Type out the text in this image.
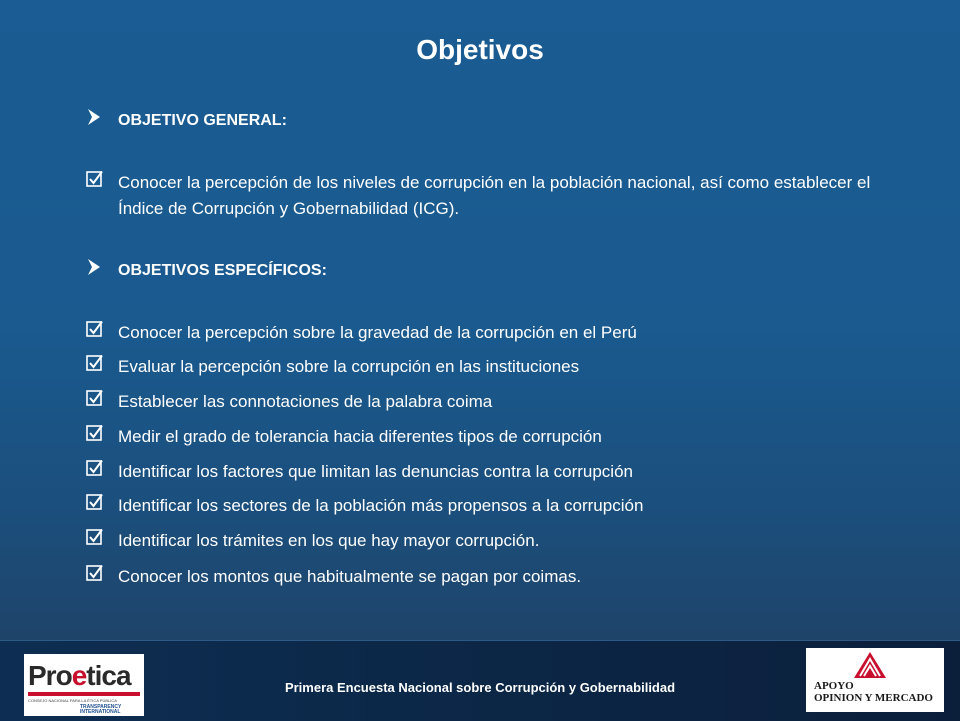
Objetivos
OBJETIVO GENERAL:
Conocer la percepción de los niveles de corrupción en la población nacional, así como establecer el Índice de Corrupción y Gobernabilidad (ICG).
OBJETIVOS ESPECÍFICOS:
Conocer la percepción sobre la gravedad de la corrupción en el Perú
Evaluar la percepción sobre la corrupción en las instituciones
Establecer las connotaciones de la palabra coima
Medir el grado de tolerancia hacia diferentes tipos de corrupción
Identificar los factores que limitan las denuncias contra la corrupción
Identificar los sectores de la población más propensos a la corrupción
Identificar los trámites en los que hay mayor corrupción.
Conocer los montos que habitualmente se pagan por coimas.
Primera Encuesta Nacional sobre Corrupción y Gobernabilidad
Proetica
CONSEJO NACIONAL PARA LA ÉTICA PÚBLICA
TRANSPARENCY INTERNATIONAL
APOYO
OPINION Y MERCADO
